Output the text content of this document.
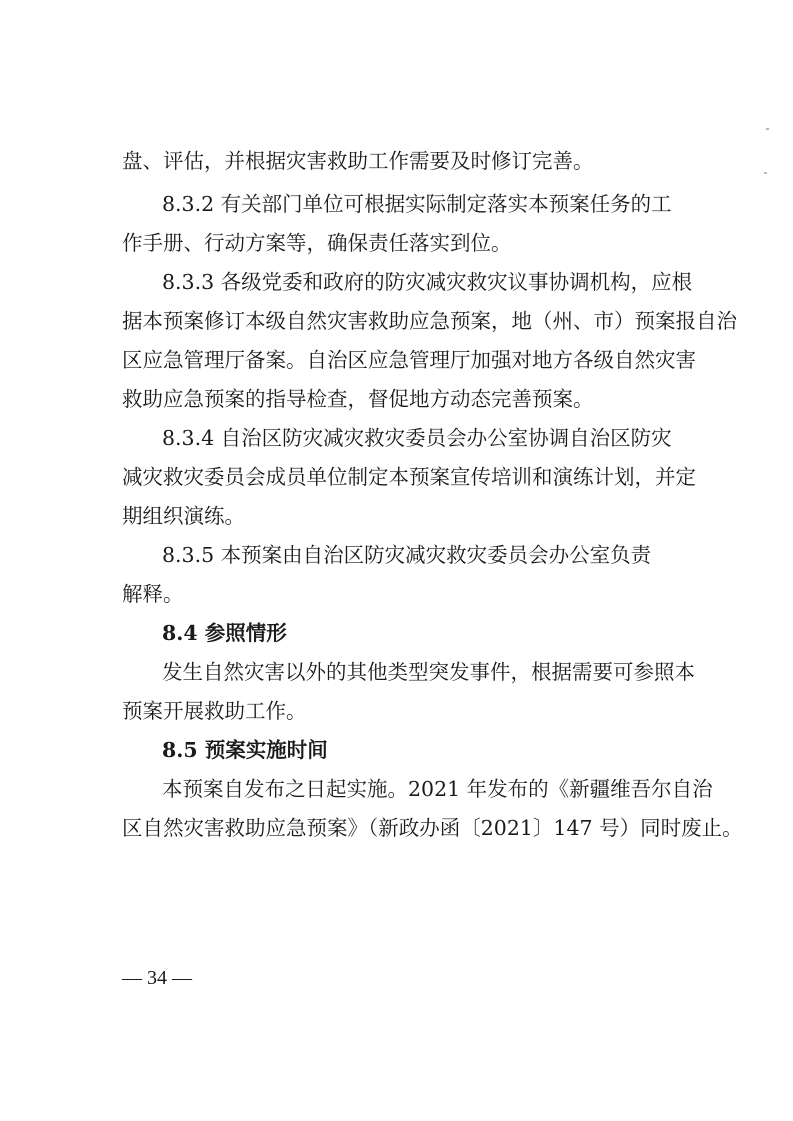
盘、评估，并根据灾害救助工作需要及时修订完善。
8.3.2 有关部门单位可根据实际制定落实本预案任务的工
作手册、行动方案等，确保责任落实到位。
8.3.3 各级党委和政府的防灾减灾救灾议事协调机构，应根
据本预案修订本级自然灾害救助应急预案，地（州、市）预案报自治
区应急管理厅备案。自治区应急管理厅加强对地方各级自然灾害
救助应急预案的指导检查，督促地方动态完善预案。
8.3.4 自治区防灾减灾救灾委员会办公室协调自治区防灾
减灾救灾委员会成员单位制定本预案宣传培训和演练计划，并定
期组织演练。
8.3.5 本预案由自治区防灾减灾救灾委员会办公室负责
解释。
8.4 参照情形
发生自然灾害以外的其他类型突发事件，根据需要可参照本
预案开展救助工作。
8.5 预案实施时间
本预案自发布之日起实施。2021 年发布的《新疆维吾尔自治
区自然灾害救助应急预案》（新政办函〔2021〕147 号）同时废止。
— 34 —
